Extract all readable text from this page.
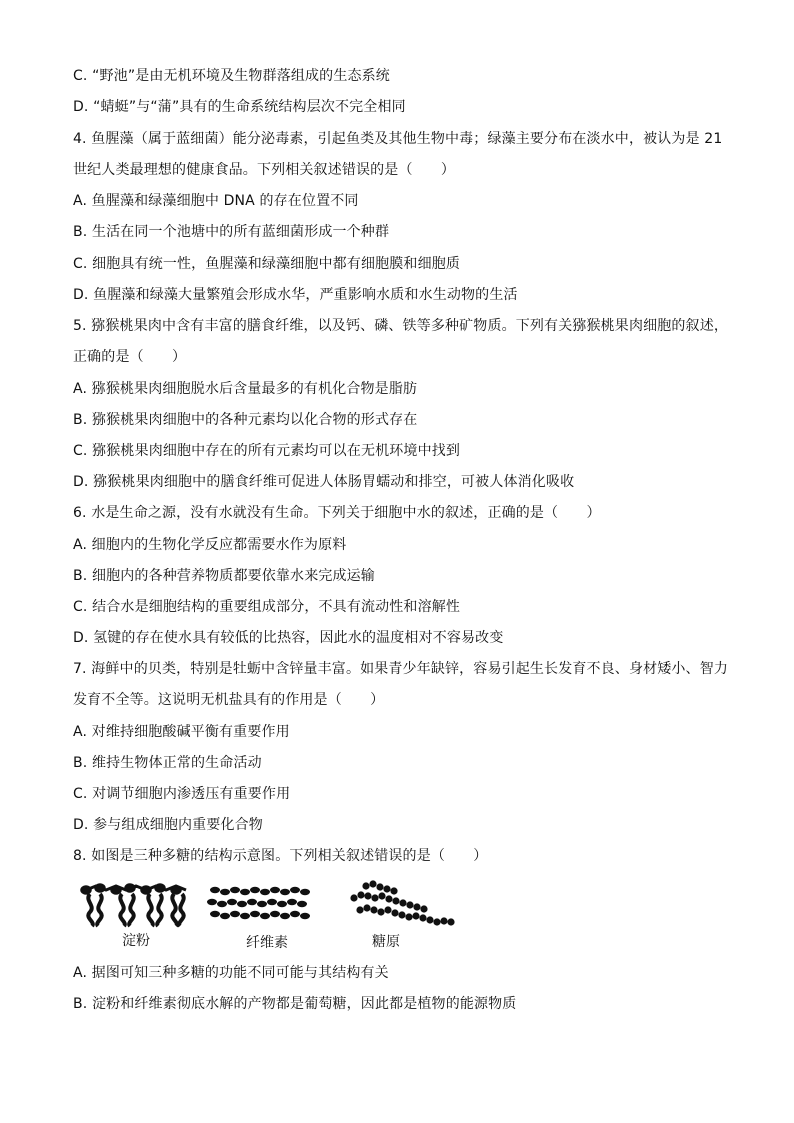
C. “野池”是由无机环境及生物群落组成的生态系统
D. “蜻蜓”与“蒲”具有的生命系统结构层次不完全相同
4. 鱼腥藻（属于蓝细菌）能分泌毒素，引起鱼类及其他生物中毒；绿藻主要分布在淡水中，被认为是 21
世纪人类最理想的健康食品。下列相关叙述错误的是（　　）
A. 鱼腥藻和绿藻细胞中 DNA 的存在位置不同
B. 生活在同一个池塘中的所有蓝细菌形成一个种群
C. 细胞具有统一性，鱼腥藻和绿藻细胞中都有细胞膜和细胞质
D. 鱼腥藻和绿藻大量繁殖会形成水华，严重影响水质和水生动物的生活
5. 猕猴桃果肉中含有丰富的膳食纤维，以及钙、磷、铁等多种矿物质。下列有关猕猴桃果肉细胞的叙述，
正确的是（　　）
A. 猕猴桃果肉细胞脱水后含量最多的有机化合物是脂肪
B. 猕猴桃果肉细胞中的各种元素均以化合物的形式存在
C. 猕猴桃果肉细胞中存在的所有元素均可以在无机环境中找到
D. 猕猴桃果肉细胞中的膳食纤维可促进人体肠胃蠕动和排空，可被人体消化吸收
6. 水是生命之源，没有水就没有生命。下列关于细胞中水的叙述，正确的是（　　）
A. 细胞内的生物化学反应都需要水作为原料
B. 细胞内的各种营养物质都要依靠水来完成运输
C. 结合水是细胞结构的重要组成部分，不具有流动性和溶解性
D. 氢键的存在使水具有较低的比热容，因此水的温度相对不容易改变
7. 海鲜中的贝类，特别是牡蛎中含锌量丰富。如果青少年缺锌，容易引起生长发育不良、身材矮小、智力
发育不全等。这说明无机盐具有的作用是（　　）
A. 对维持细胞酸碱平衡有重要作用
B. 维持生物体正常的生命活动
C. 对调节细胞内渗透压有重要作用
D. 参与组成细胞内重要化合物
8. 如图是三种多糖的结构示意图。下列相关叙述错误的是（　　）
淀粉	纤维素	糖原
A. 据图可知三种多糖的功能不同可能与其结构有关
B. 淀粉和纤维素彻底水解的产物都是葡萄糖，因此都是植物的能源物质
